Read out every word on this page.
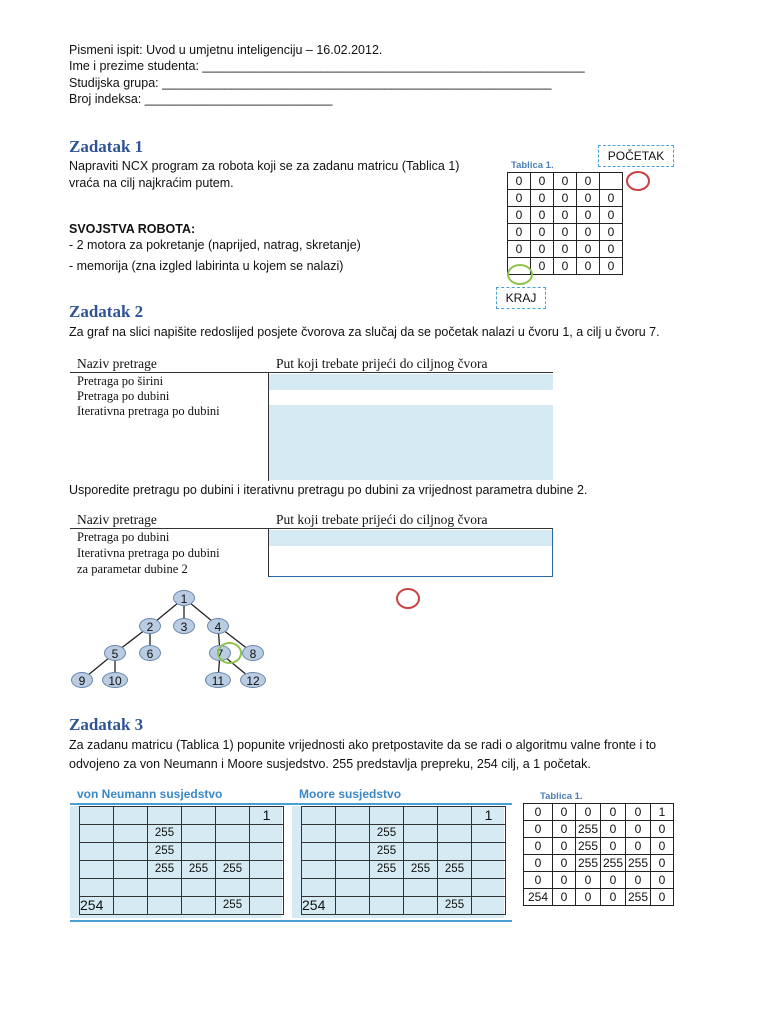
Pismeni ispit: Uvod u umjetnu inteligenciju – 16.02.2012.
Ime i prezime studenta: _______________________________________________________
Studijska grupa: ________________________________________________________
Broj indeksa: ___________________________
Zadatak 1
Napraviti NCX program za robota koji se za zadanu matricu (Tablica 1)
vraća na cilj najkraćim putem.
SVOJSTVA ROBOTA:
- 2 motora za pokretanje (naprijed, natrag, skretanje)
- memorija (zna izgled labirinta u kojem se nalazi)
Tablica 1.
POČETAK
0	0	0	0	
0	0	0	0	0
0	0	0	0	0
0	0	0	0	0
0	0	0	0	0
	0	0	0	0
KRAJ
Zadatak 2
Za graf na slici napišite redoslijed posjete čvorova za slučaj da se početak nalazi u čvoru 1, a cilj u čvoru 7.
Naziv pretrage	Put koji trebate prijeći do ciljnog čvora
Pretraga po širini
Pretraga po dubini
Iterativna pretraga po dubini
Usporedite pretragu po dubini i iterativnu pretragu po dubini za vrijednost parametra dubine 2.
Naziv pretrage	Put koji trebate prijeći do ciljnog čvora
Pretraga po dubini
Iterativna pretraga po dubini
za parametar dubine 2
1
2	3	4
5	6	7	8
9	10	11	12
Zadatak 3
Za zadanu matricu (Tablica 1) popunite vrijednosti ako pretpostavite da se radi o algoritmu valne fronte i to
odvojeno za von Neumann i Moore susjedstvo. 255 predstavlja prepreku, 254 cilj, a 1 početak.
von Neumann susjedstvo	Moore susjedstvo
					1
		255			
		255			
		255	255	255	

254				255	
					1
		255			
		255			
		255	255	255	

254				255	
Tablica 1.
0	0	0	0	0	1
0	0	255	0	0	0
0	0	255	0	0	0
0	0	255	255	255	0
0	0	0	0	0	0
254	0	0	0	255	0
